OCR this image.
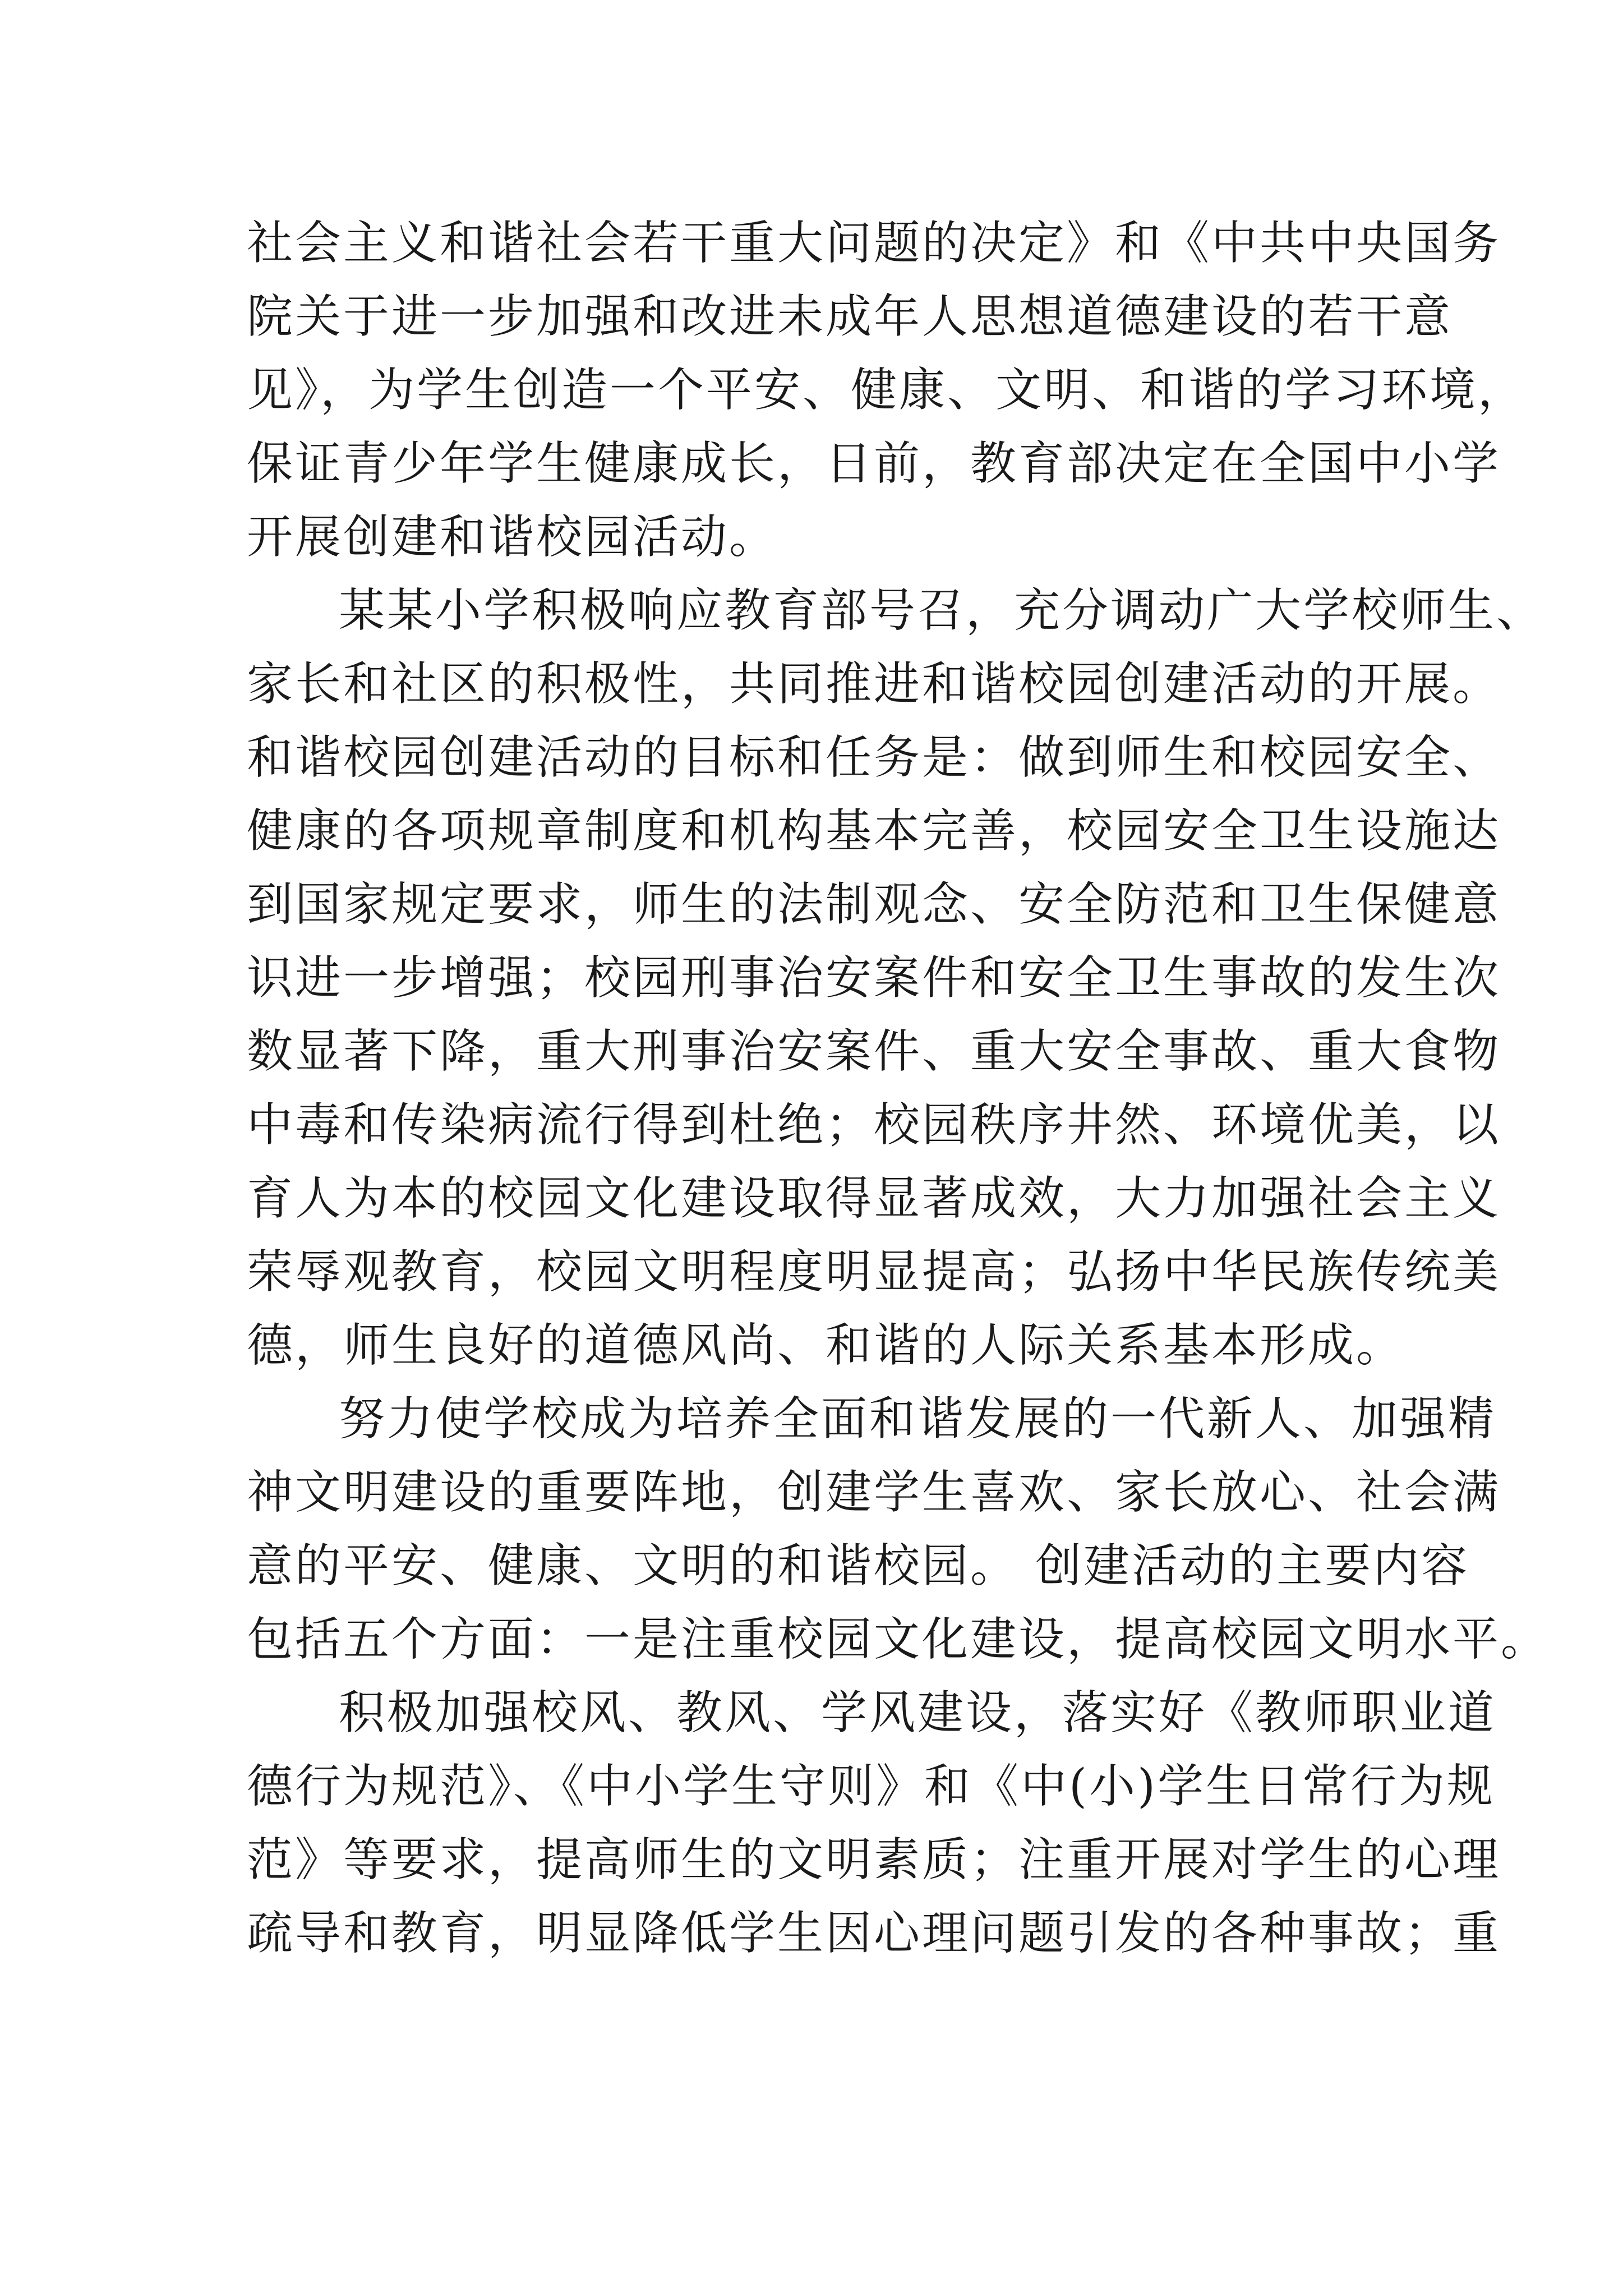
社会主义和谐社会若干重大问题的决定》和《中共中央国务
院关于进一步加强和改进未成年人思想道德建设的若干意
见》，为学生创造一个平安、健康、文明、和谐的学习环境，
保证青少年学生健康成长，日前，教育部决定在全国中小学
开展创建和谐校园活动。
某某小学积极响应教育部号召，充分调动广大学校师生、
家长和社区的积极性，共同推进和谐校园创建活动的开展。
和谐校园创建活动的目标和任务是：做到师生和校园安全、
健康的各项规章制度和机构基本完善，校园安全卫生设施达
到国家规定要求，师生的法制观念、安全防范和卫生保健意
识进一步增强；校园刑事治安案件和安全卫生事故的发生次
数显著下降，重大刑事治安案件、重大安全事故、重大食物
中毒和传染病流行得到杜绝；校园秩序井然、环境优美，以
育人为本的校园文化建设取得显著成效，大力加强社会主义
荣辱观教育，校园文明程度明显提高；弘扬中华民族传统美
德，师生良好的道德风尚、和谐的人际关系基本形成。
努力使学校成为培养全面和谐发展的一代新人、加强精
神文明建设的重要阵地，创建学生喜欢、家长放心、社会满
意的平安、健康、文明的和谐校园。 创建活动的主要内容
包括五个方面：一是注重校园文化建设，提高校园文明水平。
积极加强校风、教风、学风建设，落实好《教师职业道
德行为规范》、《中小学生守则》和《中(小)学生日常行为规
范》等要求，提高师生的文明素质；注重开展对学生的心理
疏导和教育，明显降低学生因心理问题引发的各种事故；重
